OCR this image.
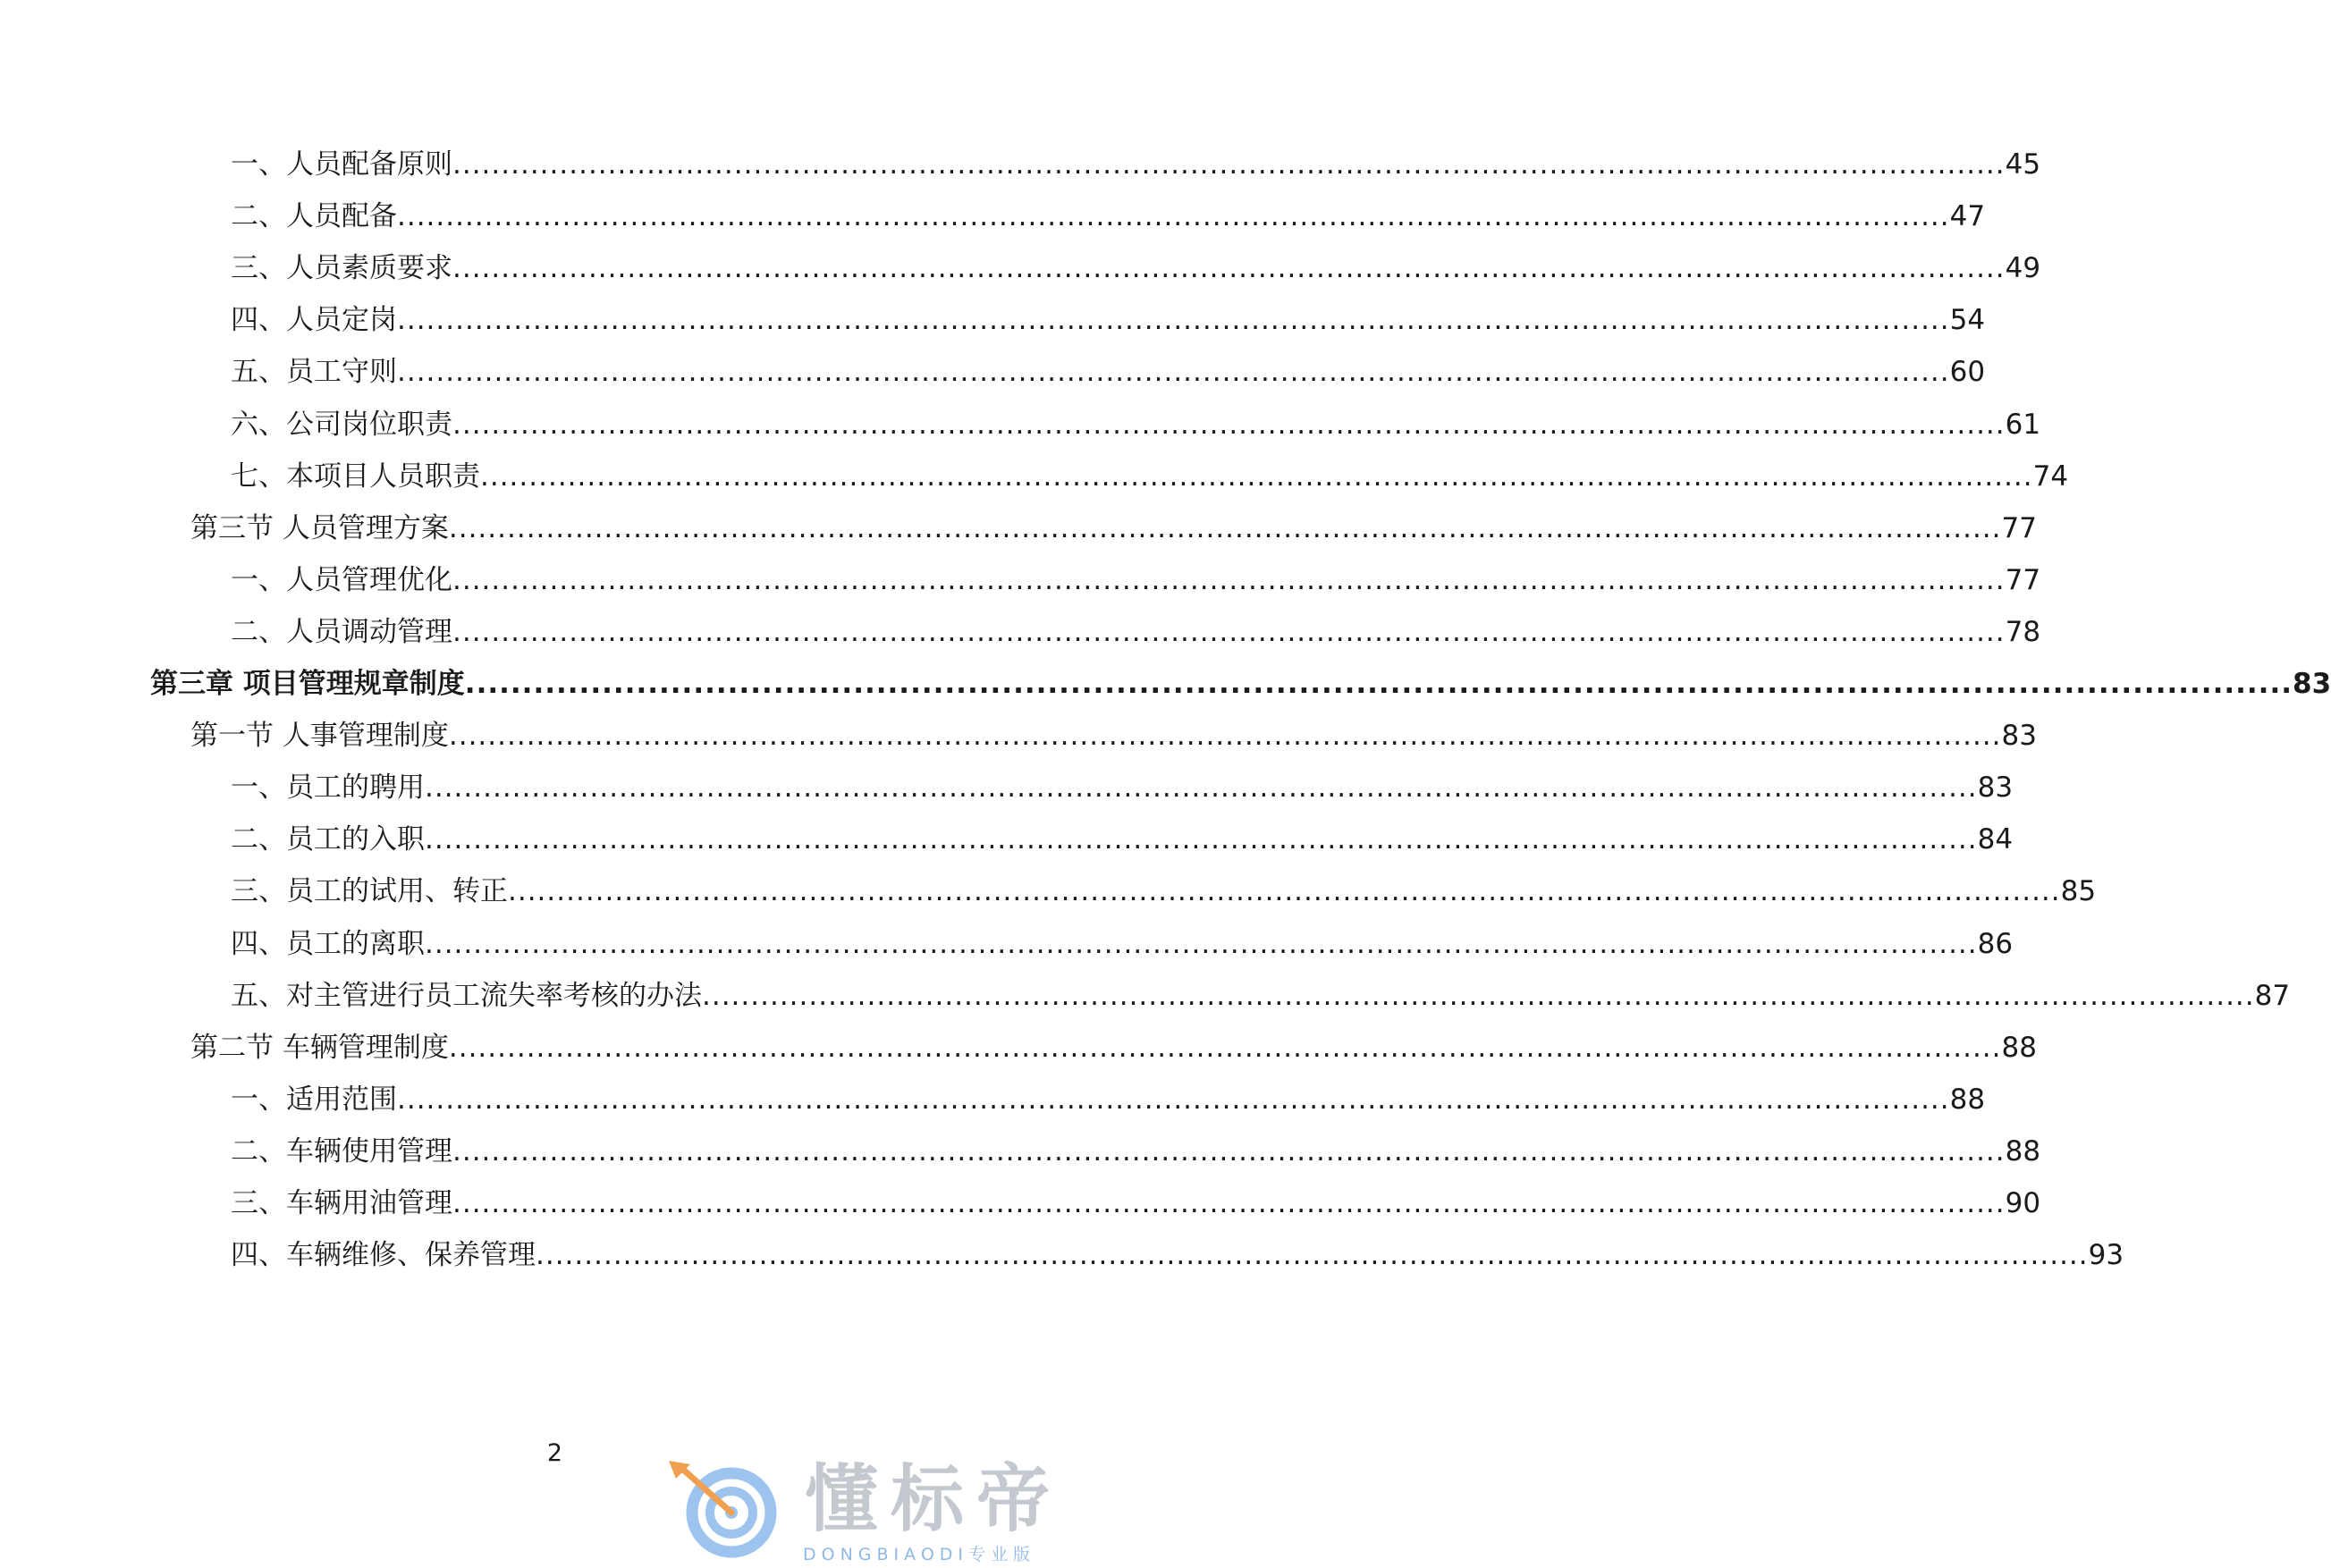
一、人员配备原则 ................................................................................................................................................................ 45
二、人员配备 ................................................................................................................................................................ 47
三、人员素质要求 ................................................................................................................................................................ 49
四、人员定岗 ................................................................................................................................................................ 54
五、员工守则 ................................................................................................................................................................ 60
六、公司岗位职责 ................................................................................................................................................................ 61
七、本项目人员职责 ................................................................................................................................................................ 74
第三节 人员管理方案 ................................................................................................................................................................ 77
一、人员管理优化 ................................................................................................................................................................ 77
二、人员调动管理 ................................................................................................................................................................ 78
第三章 项目管理规章制度 ................................................................................................................................................................ 83
第一节 人事管理制度 ................................................................................................................................................................ 83
一、员工的聘用 ................................................................................................................................................................ 83
二、员工的入职 ................................................................................................................................................................ 84
三、员工的试用、转正 ................................................................................................................................................................ 85
四、员工的离职 ................................................................................................................................................................ 86
五、对主管进行员工流失率考核的办法 ................................................................................................................................................................ 87
第二节 车辆管理制度 ................................................................................................................................................................ 88
一、适用范围 ................................................................................................................................................................ 88
二、车辆使用管理 ................................................................................................................................................................ 88
三、车辆用油管理 ................................................................................................................................................................ 90
四、车辆维修、保养管理 ................................................................................................................................................................ 93
2
懂标帝
DONGBIAODI专业版
